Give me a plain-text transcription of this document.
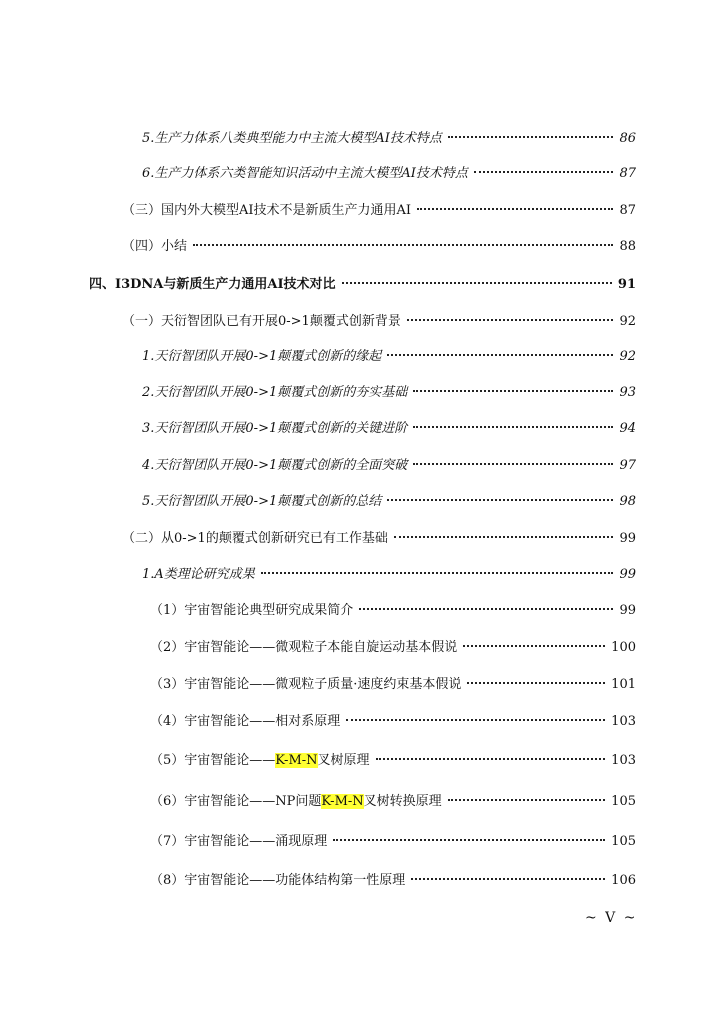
5.生产力体系八类典型能力中主流大模型AI技术特点	86
6.生产力体系六类智能知识活动中主流大模型AI技术特点	87
（三）国内外大模型AI技术不是新质生产力通用AI	87
（四）小结	88
四、I3DNA与新质生产力通用AI技术对比	91
（一）天衍智团队已有开展0->1颠覆式创新背景	92
1.天衍智团队开展0->1颠覆式创新的缘起	92
2.天衍智团队开展0->1颠覆式创新的夯实基础	93
3.天衍智团队开展0->1颠覆式创新的关键进阶	94
4.天衍智团队开展0->1颠覆式创新的全面突破	97
5.天衍智团队开展0->1颠覆式创新的总结	98
（二）从0->1的颠覆式创新研究已有工作基础	99
1.A类理论研究成果	99
（1）宇宙智能论典型研究成果简介	99
（2）宇宙智能论——微观粒子本能自旋运动基本假说	100
（3）宇宙智能论——微观粒子质量·速度约束基本假说	101
（4）宇宙智能论——相对系原理	103
（5）宇宙智能论——K-M-N叉树原理	103
（6）宇宙智能论——NP问题K-M-N叉树转换原理	105
（7）宇宙智能论——涌现原理	105
（8）宇宙智能论——功能体结构第一性原理	106
~ V ~
